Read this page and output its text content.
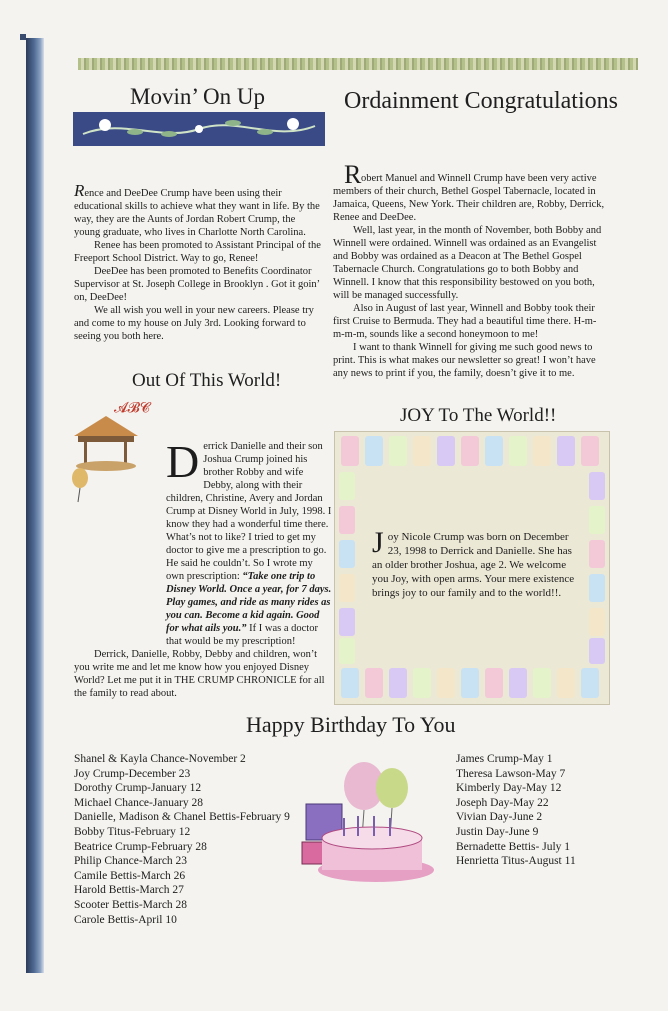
Movin’ On Up

Rence and DeeDee Crump have been using their educational skills to achieve what they want in life. By the way, they are the Aunts of Jordan Robert Crump, the young graduate, who lives in Charlotte North Carolina.

Renee has been promoted to Assistant Principal of the Freeport School District. Way to go, Renee!

DeeDee has been promoted to Benefits Coordinator Supervisor at St. Joseph College in Brooklyn . Got it goin’ on, DeeDee!

We all wish you well in your new careers. Please try and come to my house on July 3rd. Looking forward to seeing you both here.

Ordainment Congratulations
R obert Manuel and Winnell Crump have been very active members of their church, Bethel Gospel Tabernacle, located in Jamaica, Queens, New York. Their children are, Robby, Derrick, Renee and DeeDee.

Well, last year, in the month of November, both Bobby and Winnell were ordained. Winnell was ordained as an Evangelist and Bobby was ordained as a Deacon at The Bethel Gospel Tabernacle Church. Congratulations go to both Bobby and Winnell. I know that this responsibility bestowed on you both, will be managed successfully.

Also in August of last year, Winnell and Bobby took their first Cruise to Bermuda. They had a beautiful time there. H-m-m-m-m, sounds like a second honeymoon to me!

I want to thank Winnell for giving me such good news to print. This is what makes our newsletter so great! I won’t have any news to print if you, the family, doesn’t give it to me.

Out Of This World!
𝓐𝓑𝓒

D errick Danielle and their son Joshua Crump joined his brother Robby and wife Debby, along with their children, Christine, Avery and Jordan Crump at Disney World in July, 1998. I know they had a wonderful time there. What’s not to like? I tried to get my doctor to give me a prescription to go. He said he couldn’t. So I wrote my own prescription: “Take one trip to Disney World. Once a year, for 7 days. Play games, and ride as many rides as you can. Become a kid again. Good for what ails you.” If I was a doctor that would be my prescription!

Derrick, Danielle, Robby, Debby and children, won’t you write me and let me know how you enjoyed Disney World? Let me put it in THE CRUMP CHRONICLE for all the family to read about.

JOY To The World!!

Joy Nicole Crump was born on December 23, 1998 to Derrick and Danielle. She has an older brother Joshua, age 2. We welcome you Joy, with open arms. Your mere existence brings joy to our family and to the world!!.

Happy Birthday To You
Shanel & Kayla Chance-November 2
Joy Crump-December 23
Dorothy Crump-January 12
Michael Chance-January 28
Danielle, Madison & Chanel Bettis-February 9
Bobby Titus-February 12
Beatrice Crump-February 28
Philip Chance-March 23
Camile Bettis-March 26
Harold Bettis-March 27
Scooter Bettis-March 28
Carole Bettis-April 10
James Crump-May 1
Theresa Lawson-May 7
Kimberly Day-May 12
Joseph Day-May 22
Vivian Day-June 2
Justin Day-June 9
Bernadette Bettis- July 1
Henrietta Titus-August 11
